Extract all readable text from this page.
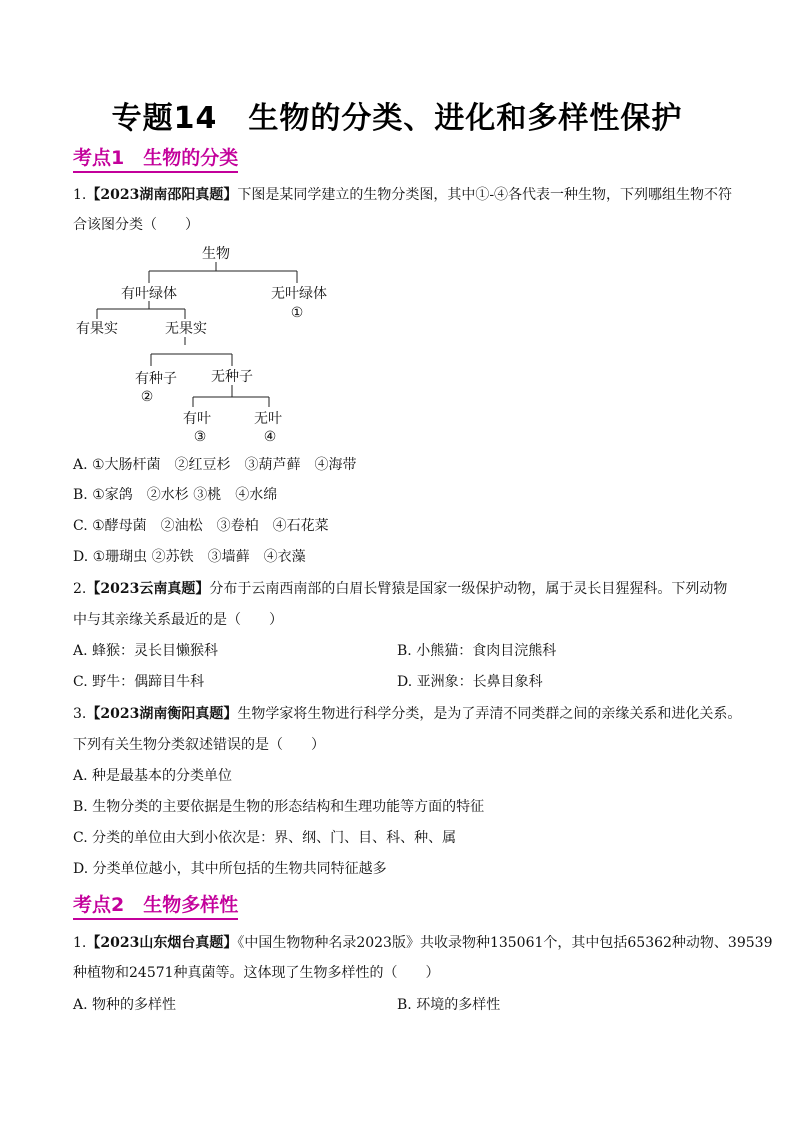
专题14　生物的分类、进化和多样性保护
考点1　生物的分类
1.【2023湖南邵阳真题】下图是某同学建立的生物分类图，其中①-④各代表一种生物，下列哪组生物不符
合该图分类（　　）
生物
有叶绿体	无叶绿体
①
有果实	无果实
有种子
②
无种子
有叶
③
无叶
④
A. ①大肠杆菌　②红豆杉　③葫芦藓　④海带
B. ①家鸽　②水杉 ③桃　④水绵
C. ①酵母菌　②油松　③卷柏　④石花菜
D. ①珊瑚虫 ②苏铁　③墙藓　④衣藻
2.【2023云南真题】分布于云南西南部的白眉长臂猿是国家一级保护动物，属于灵长目猩猩科。下列动物
中与其亲缘关系最近的是（　　）
A. 蜂猴：灵长目懒猴科	B. 小熊猫：食肉目浣熊科
C. 野牛：偶蹄目牛科	D. 亚洲象：长鼻目象科
3.【2023湖南衡阳真题】生物学家将生物进行科学分类，是为了弄清不同类群之间的亲缘关系和进化关系。
下列有关生物分类叙述错误的是（　　）
A. 种是最基本的分类单位
B. 生物分类的主要依据是生物的形态结构和生理功能等方面的特征
C. 分类的单位由大到小依次是：界、纲、门、目、科、种、属
D. 分类单位越小，其中所包括的生物共同特征越多
考点2　生物多样性
1.【2023山东烟台真题】《中国生物物种名录2023版》共收录物种135061个，其中包括65362种动物、39539
种植物和24571种真菌等。这体现了生物多样性的（　　）
A. 物种的多样性	B. 环境的多样性
